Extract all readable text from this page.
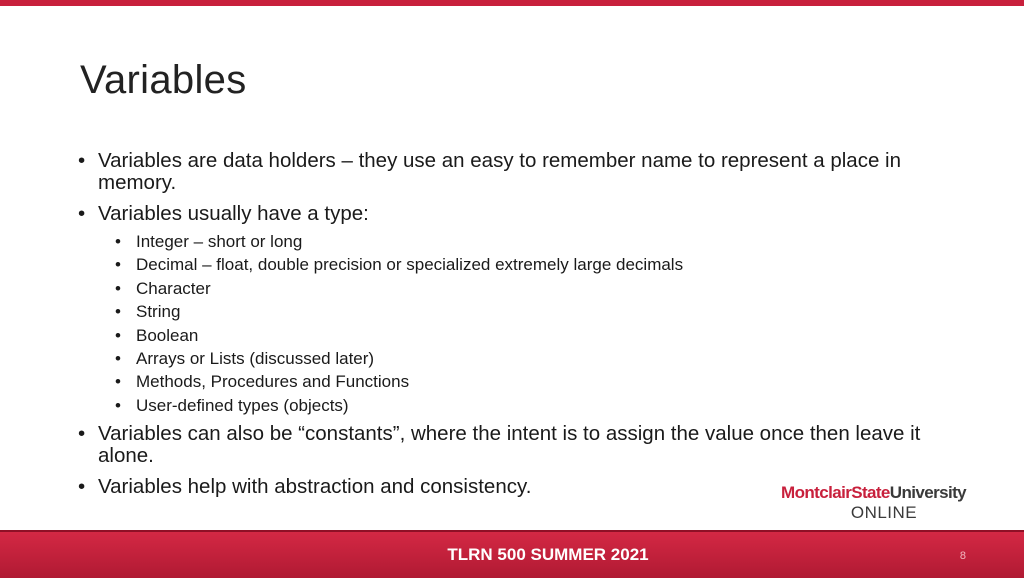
Variables
• Variables are data holders – they use an easy to remember name to represent a place in memory.
• Variables usually have a type:
• Integer – short or long
• Decimal – float, double precision or specialized extremely large decimals
• Character
• String
• Boolean
• Arrays or Lists (discussed later)
• Methods, Procedures and Functions
• User-defined types (objects)
• Variables can also be “constants”, where the intent is to assign the value once then leave it alone.
• Variables help with abstraction and consistency.	MontclairStateUniversity
ONLINE
TLRN 500 SUMMER 2021	8
